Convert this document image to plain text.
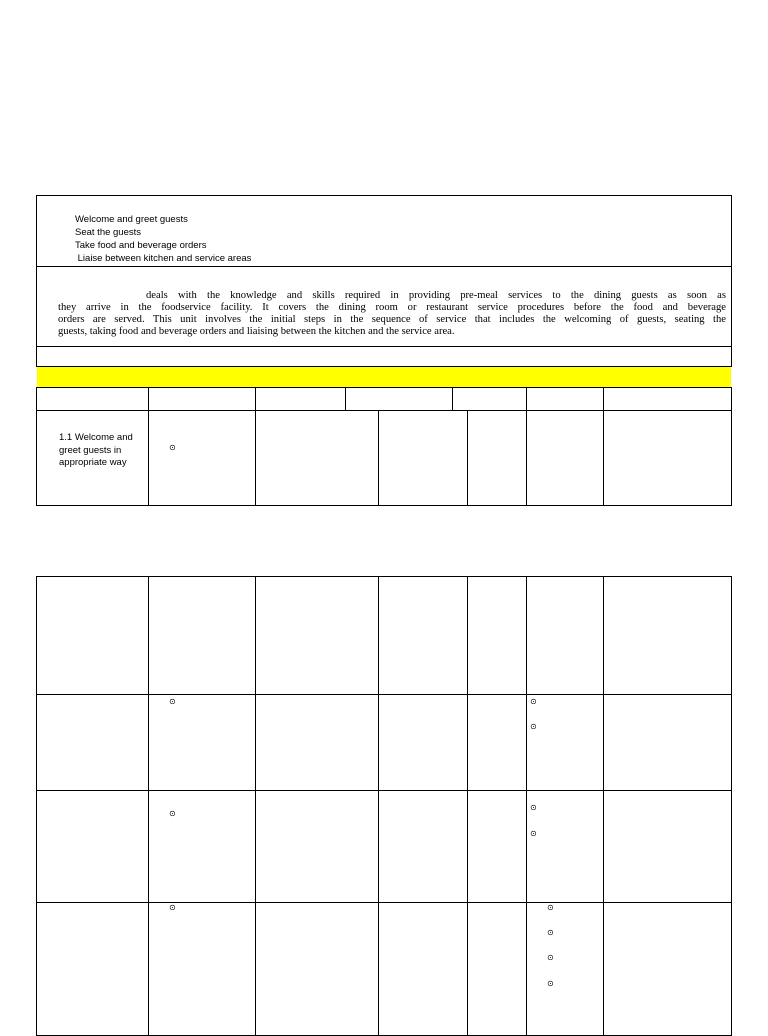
Welcome and greet guests
Seat the guests
Take food and beverage orders
Liaise between kitchen and service areas
deals with the knowledge and skills required in providing pre-meal services to the dining guests as soon as
they arrive in the foodservice facility. It covers the dining room or restaurant service procedures before the food and beverage
orders are served. This unit involves the initial steps in the sequence of service that includes the welcoming of guests, seating the
guests, taking food and beverage orders and liaising between the kitchen and the service area.
1.1 Welcome and
greet guests in
appropriate way
⊙
⊙	⊙
⊙
⊙
⊙
⊙
⊙	⊙
⊙
⊙
⊙
